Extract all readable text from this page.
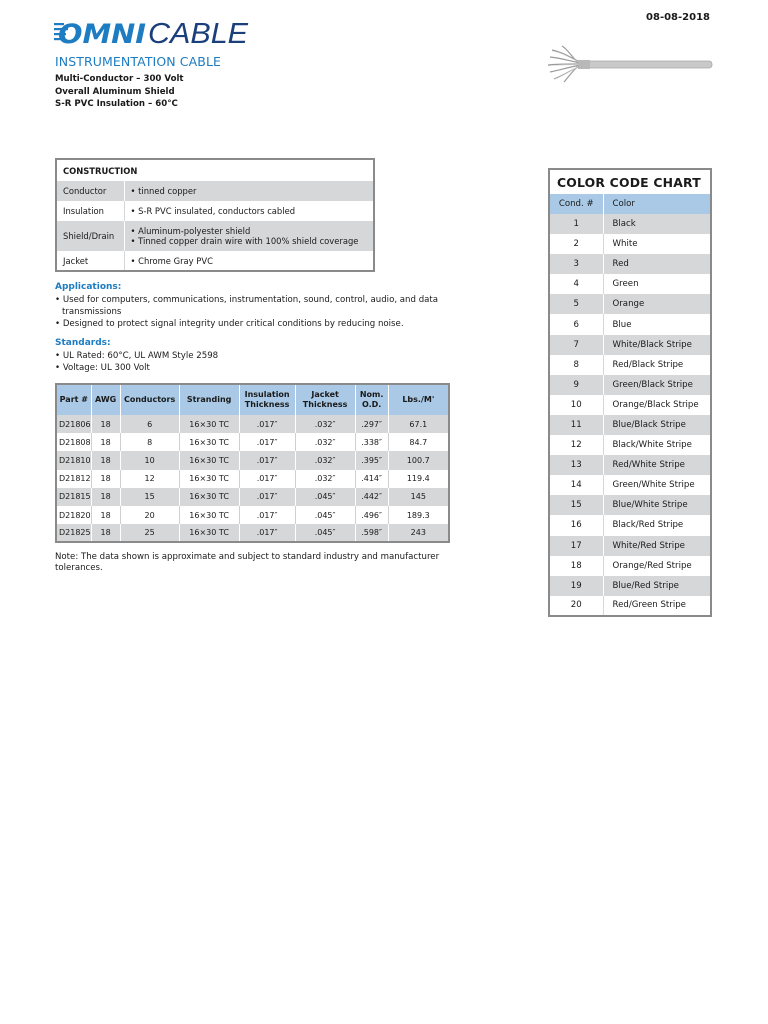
OMNI CABLE
08-08-2018
INSTRUMENTATION CABLE
Multi-Conductor – 300 Volt
Overall Aluminum Shield
S-R PVC Insulation – 60°C
CONSTRUCTION	
Conductor	• tinned copper
Insulation	• S-R PVC insulated, conductors cabled
Shield/Drain	• Aluminum-polyester shield
• Tinned copper drain wire with 100% shield coverage

Jacket	• Chrome Gray PVC
Applications:
• Used for computers, communications, instrumentation, sound, control, audio, and data transmissions
• Designed to protect signal integrity under critical conditions by reducing noise.
Standards:
• UL Rated: 60°C, UL AWM Style 2598
• Voltage: UL 300 Volt
Part #	AWG	Conductors	Stranding	Insulation Thickness	Jacket Thickness	Nom. O.D.	Lbs./M'
D21806	18	6	16×30 TC	.017″	.032″	.297″	67.1
D21808	18	8	16×30 TC	.017″	.032″	.338″	84.7
D21810	18	10	16×30 TC	.017″	.032″	.395″	100.7
D21812	18	12	16×30 TC	.017″	.032″	.414″	119.4
D21815	18	15	16×30 TC	.017″	.045″	.442″	145
D21820	18	20	16×30 TC	.017″	.045″	.496″	189.3
D21825	18	25	16×30 TC	.017″	.045″	.598″	243
Note: The data shown is approximate and subject to standard industry and manufacturer tolerances.
COLOR CODE CHART	
Cond. #	Color
1	Black
2	White
3	Red
4	Green
5	Orange
6	Blue
7	White/Black Stripe
8	Red/Black Stripe
9	Green/Black Stripe
10	Orange/Black Stripe
11	Blue/Black Stripe
12	Black/White Stripe
13	Red/White Stripe
14	Green/White Stripe
15	Blue/White Stripe
16	Black/Red Stripe
17	White/Red Stripe
18	Orange/Red Stripe
19	Blue/Red Stripe
20	Red/Green Stripe
